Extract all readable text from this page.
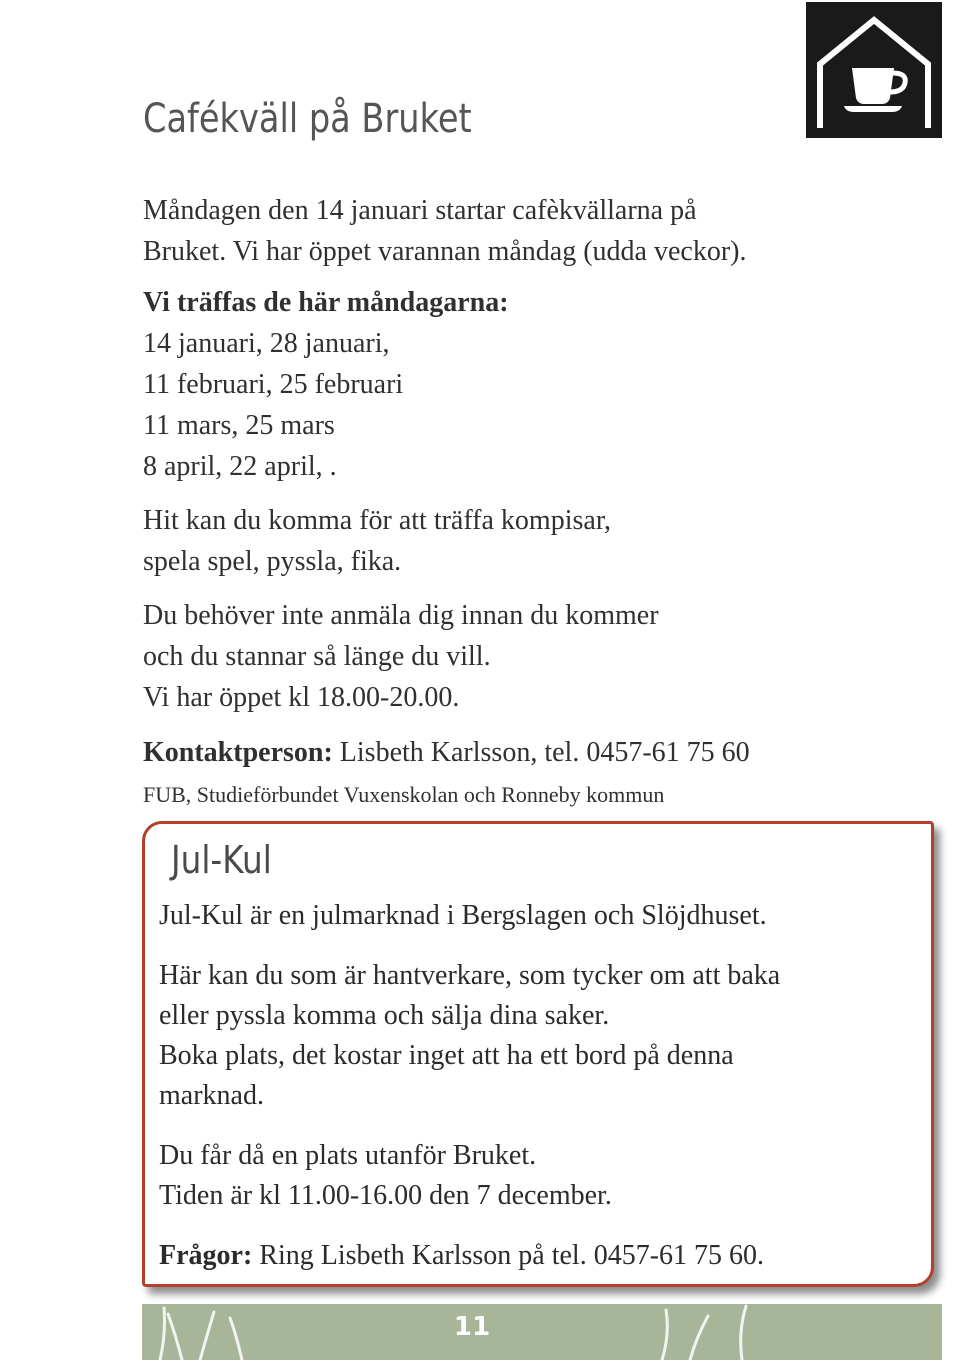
Cafékväll på Bruket

Måndagen den 14 januari startar cafèkvällarna på

Bruket. Vi har öppet varannan måndag (udda veckor).

Vi träffas de här måndagarna:

14 januari, 28 januari,

11 februari, 25 februari

11 mars, 25 mars

8 april, 22 april, .

Hit kan du komma för att träffa kompisar,

spela spel, pyssla, fika.

Du behöver inte anmäla dig innan du kommer

och du stannar så länge du vill.

Vi har öppet kl 18.00-20.00.

Kontaktperson: Lisbeth Karlsson, tel. 0457-61 75 60

FUB, Studieförbundet Vuxenskolan och Ronneby kommun

Jul-Kul

Jul-Kul är en julmarknad i Bergslagen och Slöjdhuset.

Här kan du som är hantverkare, som tycker om att baka

eller pyssla komma och sälja dina saker.

Boka plats, det kostar inget att ha ett bord på denna

marknad.

Du får då en plats utanför Bruket.

Tiden är kl 11.00-16.00 den 7 december.

Frågor: Ring Lisbeth Karlsson på tel. 0457-61 75 60.

11
